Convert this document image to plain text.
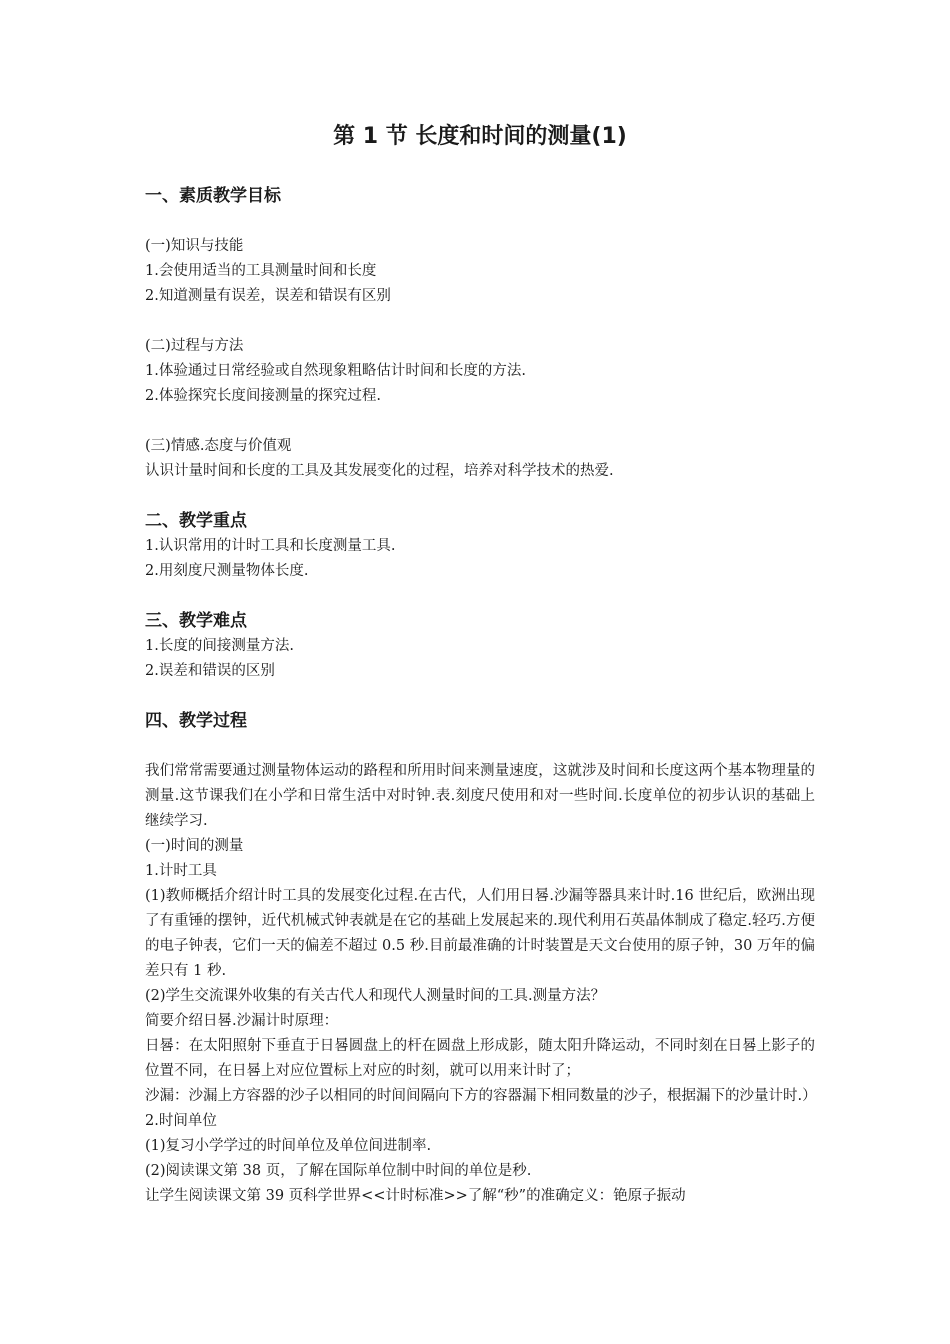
第 1 节 长度和时间的测量(1)
一、素质教学目标
(一)知识与技能
1.会使用适当的工具测量时间和长度
2.知道测量有误差，误差和错误有区别
(二)过程与方法
1.体验通过日常经验或自然现象粗略估计时间和长度的方法.
2.体验探究长度间接测量的探究过程.
(三)情感.态度与价值观
认识计量时间和长度的工具及其发展变化的过程，培养对科学技术的热爱.
二、教学重点
1.认识常用的计时工具和长度测量工具.
2.用刻度尺测量物体长度.
三、教学难点
1.长度的间接测量方法.
2.误差和错误的区别
四、教学过程
我们常常需要通过测量物体运动的路程和所用时间来测量速度，这就涉及时间和长度这两个基本物理量的测量.这节课我们在小学和日常生活中对时钟.表.刻度尺使用和对一些时间.长度单位的初步认识的基础上继续学习.
(一)时间的测量
1.计时工具
(1)教师概括介绍计时工具的发展变化过程.在古代，人们用日晷.沙漏等器具来计时.16 世纪后，欧洲出现了有重锤的摆钟，近代机械式钟表就是在它的基础上发展起来的.现代利用石英晶体制成了稳定.轻巧.方便的电子钟表，它们一天的偏差不超过 0.5 秒.目前最准确的计时装置是天文台使用的原子钟，30 万年的偏差只有 1 秒.
(2)学生交流课外收集的有关古代人和现代人测量时间的工具.测量方法？
简要介绍日晷.沙漏计时原理：
日晷：在太阳照射下垂直于日晷圆盘上的杆在圆盘上形成影，随太阳升降运动，不同时刻在日晷上影子的位置不同，在日晷上对应位置标上对应的时刻，就可以用来计时了；
沙漏：沙漏上方容器的沙子以相同的时间间隔向下方的容器漏下相同数量的沙子，根据漏下的沙量计时.）
2.时间单位
(1)复习小学学过的时间单位及单位间进制率.
(2)阅读课文第 38 页，了解在国际单位制中时间的单位是秒.
让学生阅读课文第 39 页科学世界<<计时标准>>了解“秒”的准确定义：铯原子振动
